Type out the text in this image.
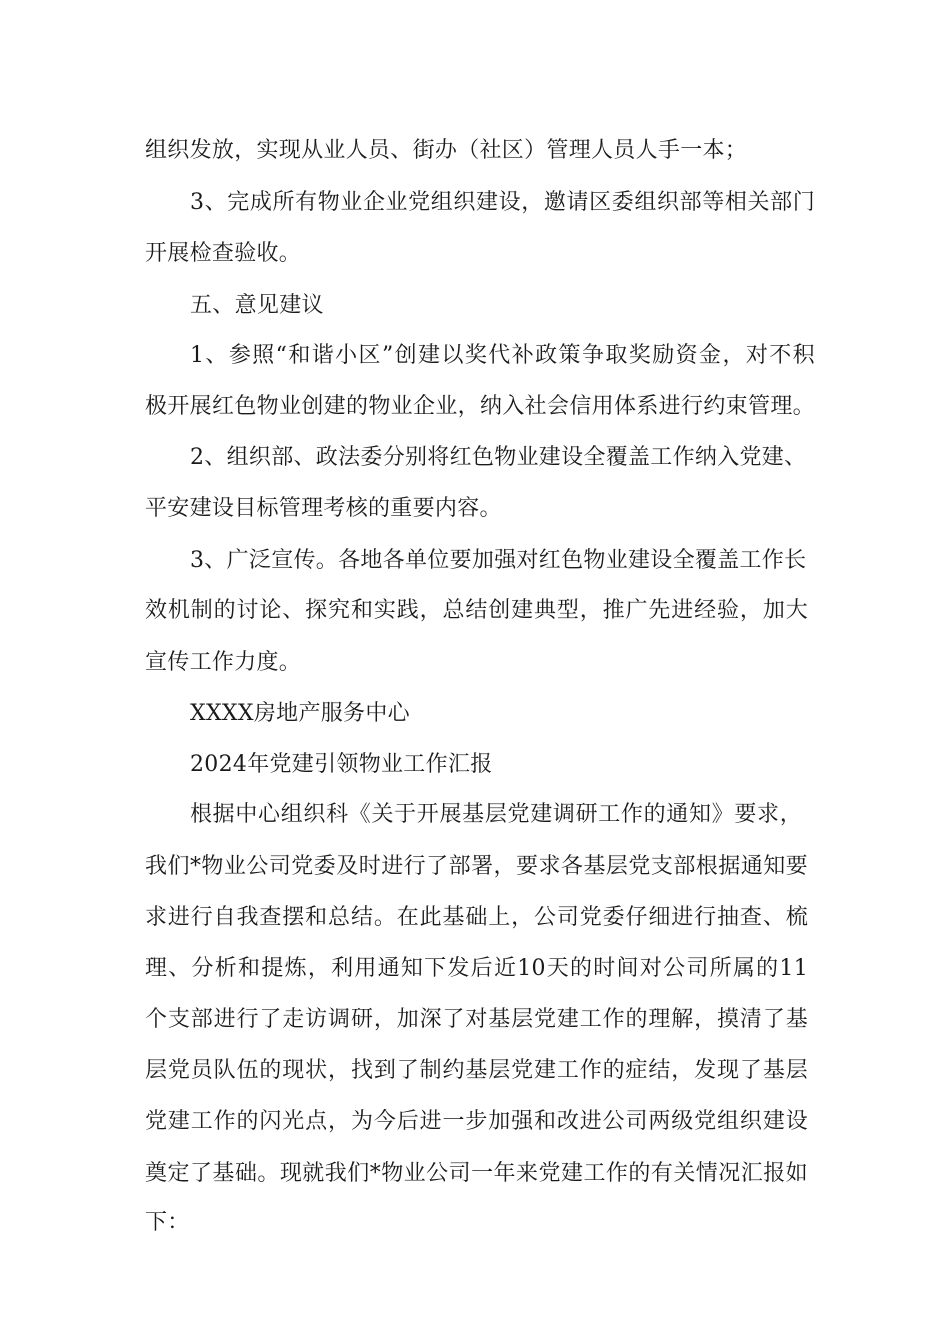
组织发放，实现从业人员、街办（社区）管理人员人手一本；
3、完成所有物业企业党组织建设，邀请区委组织部等相关部门
开展检查验收。
五、意见建议
1、参照“和谐小区”创建以奖代补政策争取奖励资金，对不积
极开展红色物业创建的物业企业，纳入社会信用体系进行约束管理。
2、组织部、政法委分别将红色物业建设全覆盖工作纳入党建、
平安建设目标管理考核的重要内容。
3、广泛宣传。各地各单位要加强对红色物业建设全覆盖工作长
效机制的讨论、探究和实践，总结创建典型，推广先进经验，加大
宣传工作力度。
XXXX房地产服务中心
2024年党建引领物业工作汇报
根据中心组织科《关于开展基层党建调研工作的通知》要求，
我们*物业公司党委及时进行了部署，要求各基层党支部根据通知要
求进行自我查摆和总结。在此基础上，公司党委仔细进行抽查、梳
理、分析和提炼，利用通知下发后近10天的时间对公司所属的11
个支部进行了走访调研，加深了对基层党建工作的理解，摸清了基
层党员队伍的现状，找到了制约基层党建工作的症结，发现了基层
党建工作的闪光点，为今后进一步加强和改进公司两级党组织建设
奠定了基础。现就我们*物业公司一年来党建工作的有关情况汇报如
下：
